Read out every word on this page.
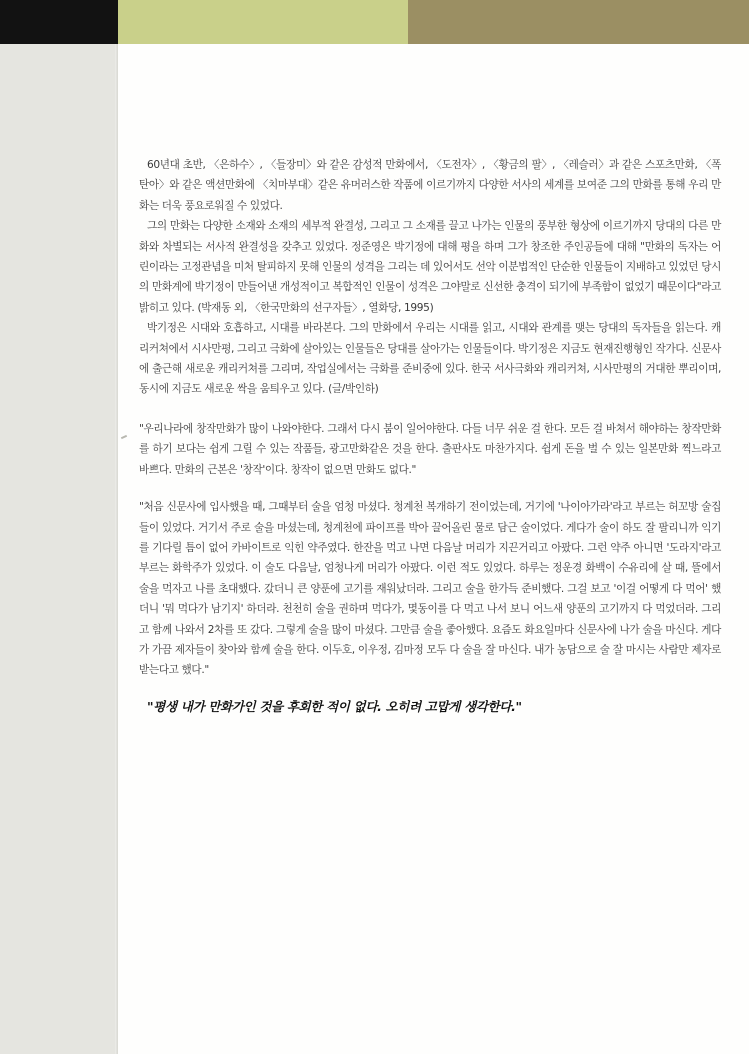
60년대 초반, 〈은하수〉, 〈들장미〉와 같은 감성적 만화에서, 〈도전자〉, 〈황금의 팔〉, 〈레슬러〉과 같은 스포츠만화, 〈폭탄아〉와 같은 액션만화에 〈치마부대〉같은 유머러스한 작품에 이르기까지 다양한 서사의 세계를 보여준 그의 만화를 통해 우리 만화는 더욱 풍요로워질 수 있었다.

그의 만화는 다양한 소재와 소재의 세부적 완결성, 그리고 그 소재를 끌고 나가는 인물의 풍부한 형상에 이르기까지 당대의 다른 만화와 차별되는 서사적 완결성을 갖추고 있었다. 정준영은 박기정에 대해 평을 하며 그가 창조한 주인공들에 대해 "만화의 독자는 어린이라는 고정관념을 미처 탈피하지 못해 인물의 성격을 그리는 데 있어서도 선악 이분법적인 단순한 인물들이 지배하고 있었던 당시의 만화계에 박기정이 만들어낸 개성적이고 복합적인 인물이 성격은 그야말로 신선한 충격이 되기에 부족함이 없었기 때문이다"라고 밝히고 있다. (박재동 외, 〈한국만화의 선구자들〉, 열화당, 1995)

박기정은 시대와 호흡하고, 시대를 바라본다. 그의 만화에서 우리는 시대를 읽고, 시대와 관계를 맺는 당대의 독자들을 읽는다. 캐리커쳐에서 시사만평, 그리고 극화에 살아있는 인물들은 당대를 살아가는 인물들이다. 박기정은 지금도 현재진행형인 작가다. 신문사에 출근해 새로운 캐리커쳐를 그리며, 작업실에서는 극화를 준비중에 있다. 한국 서사극화와 캐리커쳐, 시사만평의 거대한 뿌리이며, 동시에 지금도 새로운 싹을 움틔우고 있다. (글/박인하)

"우리나라에 창작만화가 많이 나와야한다. 그래서 다시 붐이 일어야한다. 다들 너무 쉬운 걸 한다. 모든 걸 바쳐서 해야하는 창작만화를 하기 보다는 쉽게 그릴 수 있는 작품들, 광고만화같은 것을 한다. 출판사도 마찬가지다. 쉽게 돈을 벌 수 있는 일본만화 찍느라고 바쁘다. 만화의 근본은 '창작'이다. 창작이 없으면 만화도 없다."

"처음 신문사에 입사했을 때, 그때부터 술을 엄청 마셨다. 청계천 복개하기 전이었는데, 거기에 '나이아가라'라고 부르는 허꼬방 술집들이 있었다. 거기서 주로 술을 마셨는데, 청계천에 파이프를 박아 끌어올린 물로 담근 술이었다. 게다가 술이 하도 잘 팔리니까 익기를 기다릴 틈이 없어 카바이트로 익힌 약주였다. 한잔을 먹고 나면 다음날 머리가 지끈거리고 아팠다. 그런 약주 아니면 '도라지'라고 부르는 화학주가 있었다. 이 술도 다음날, 엄청나게 머리가 아팠다. 이런 적도 있었다. 하루는 정운경 화백이 수유리에 살 때, 뜰에서 술을 먹자고 나를 초대했다. 갔더니 큰 양푼에 고기를 재워났더라. 그리고 술을 한가득 준비했다. 그걸 보고 '이걸 어떻게 다 먹어' 했더니 '뭐 먹다가 남기지' 하더라. 천천히 술을 권하며 먹다가, 몇동이를 다 먹고 나서 보니 어느새 양푼의 고기까지 다 먹었더라. 그리고 함께 나와서 2차를 또 갔다. 그렇게 술을 많이 마셨다. 그만큼 술을 좋아했다. 요즘도 화요일마다 신문사에 나가 술을 마신다. 게다가 가끔 제자들이 찾아와 함께 술을 한다. 이두호, 이우정, 김마정 모두 다 술을 잘 마신다. 내가 농담으로 술 잘 마시는 사람만 제자로 받는다고 했다."

"평생 내가 만화가인 것을 후회한 적이 없다. 오히려 고맙게 생각한다."
